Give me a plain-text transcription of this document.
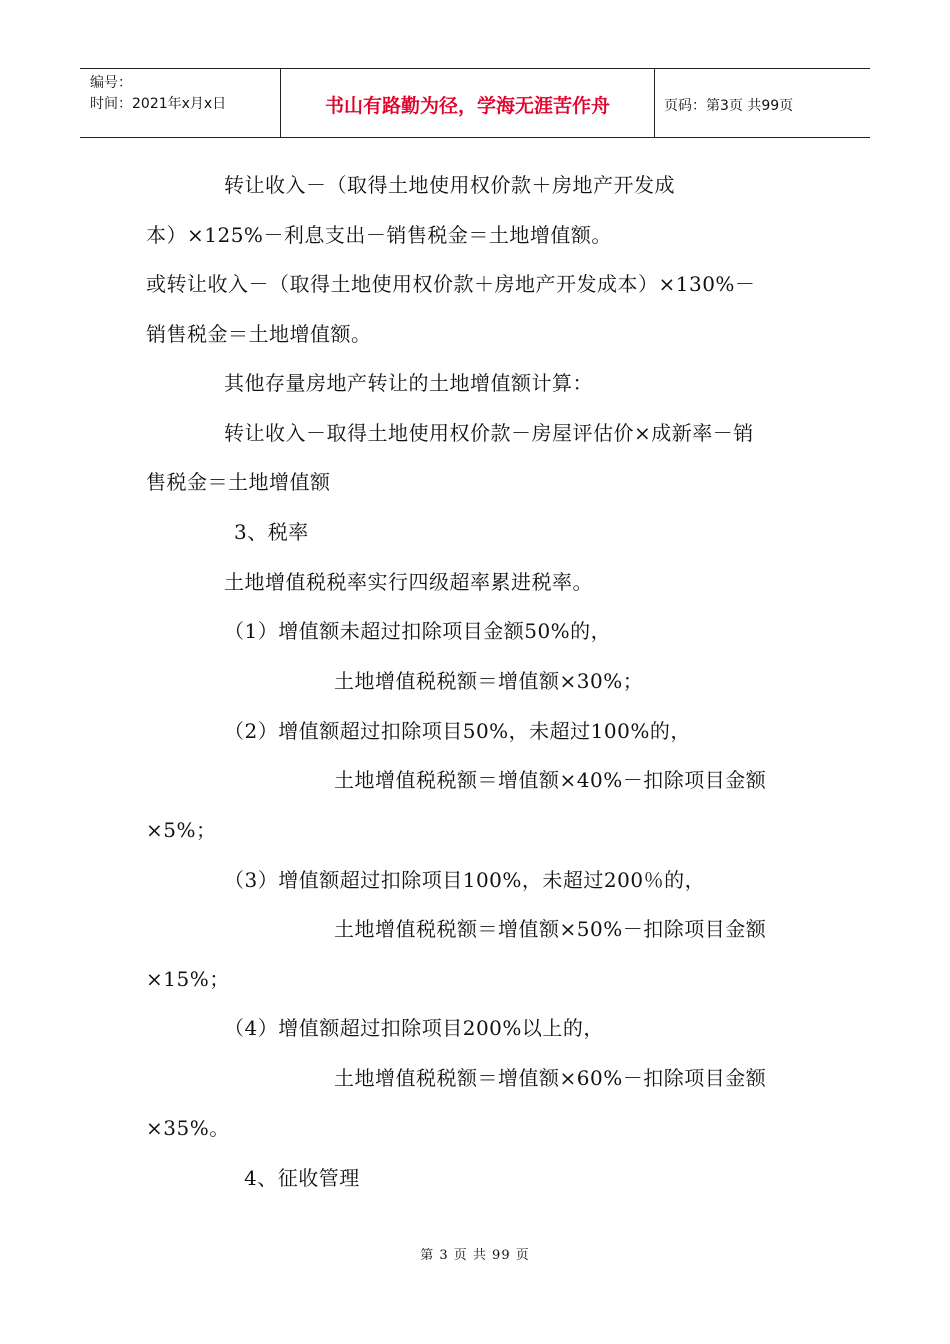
编号：
时间：2021年x月x日	书山有路勤为径，学海无涯苦作舟	页码：第3页 共99页
转让收入－（取得土地使用权价款＋房地产开发成
本）×125%－利息支出－销售税金＝土地增值额。
或转让收入－（取得土地使用权价款＋房地产开发成本）×130%－
销售税金＝土地增值额。
其他存量房地产转让的土地增值额计算：
转让收入－取得土地使用权价款－房屋评估价×成新率－销
售税金＝土地增值额
3、税率
土地增值税税率实行四级超率累进税率。
（1）增值额未超过扣除项目金额50%的，
土地增值税税额＝增值额×30%；
（2）增值额超过扣除项目50%，未超过100%的，
土地增值税税额＝增值额×40%－扣除项目金额
×5%；
（3）增值额超过扣除项目100%，未超过200％的，
土地增值税税额＝增值额×50%－扣除项目金额
×15%；
（4）增值额超过扣除项目200%以上的，
土地增值税税额＝增值额×60%－扣除项目金额
×35%。
4、征收管理
第 3 页 共 99 页
